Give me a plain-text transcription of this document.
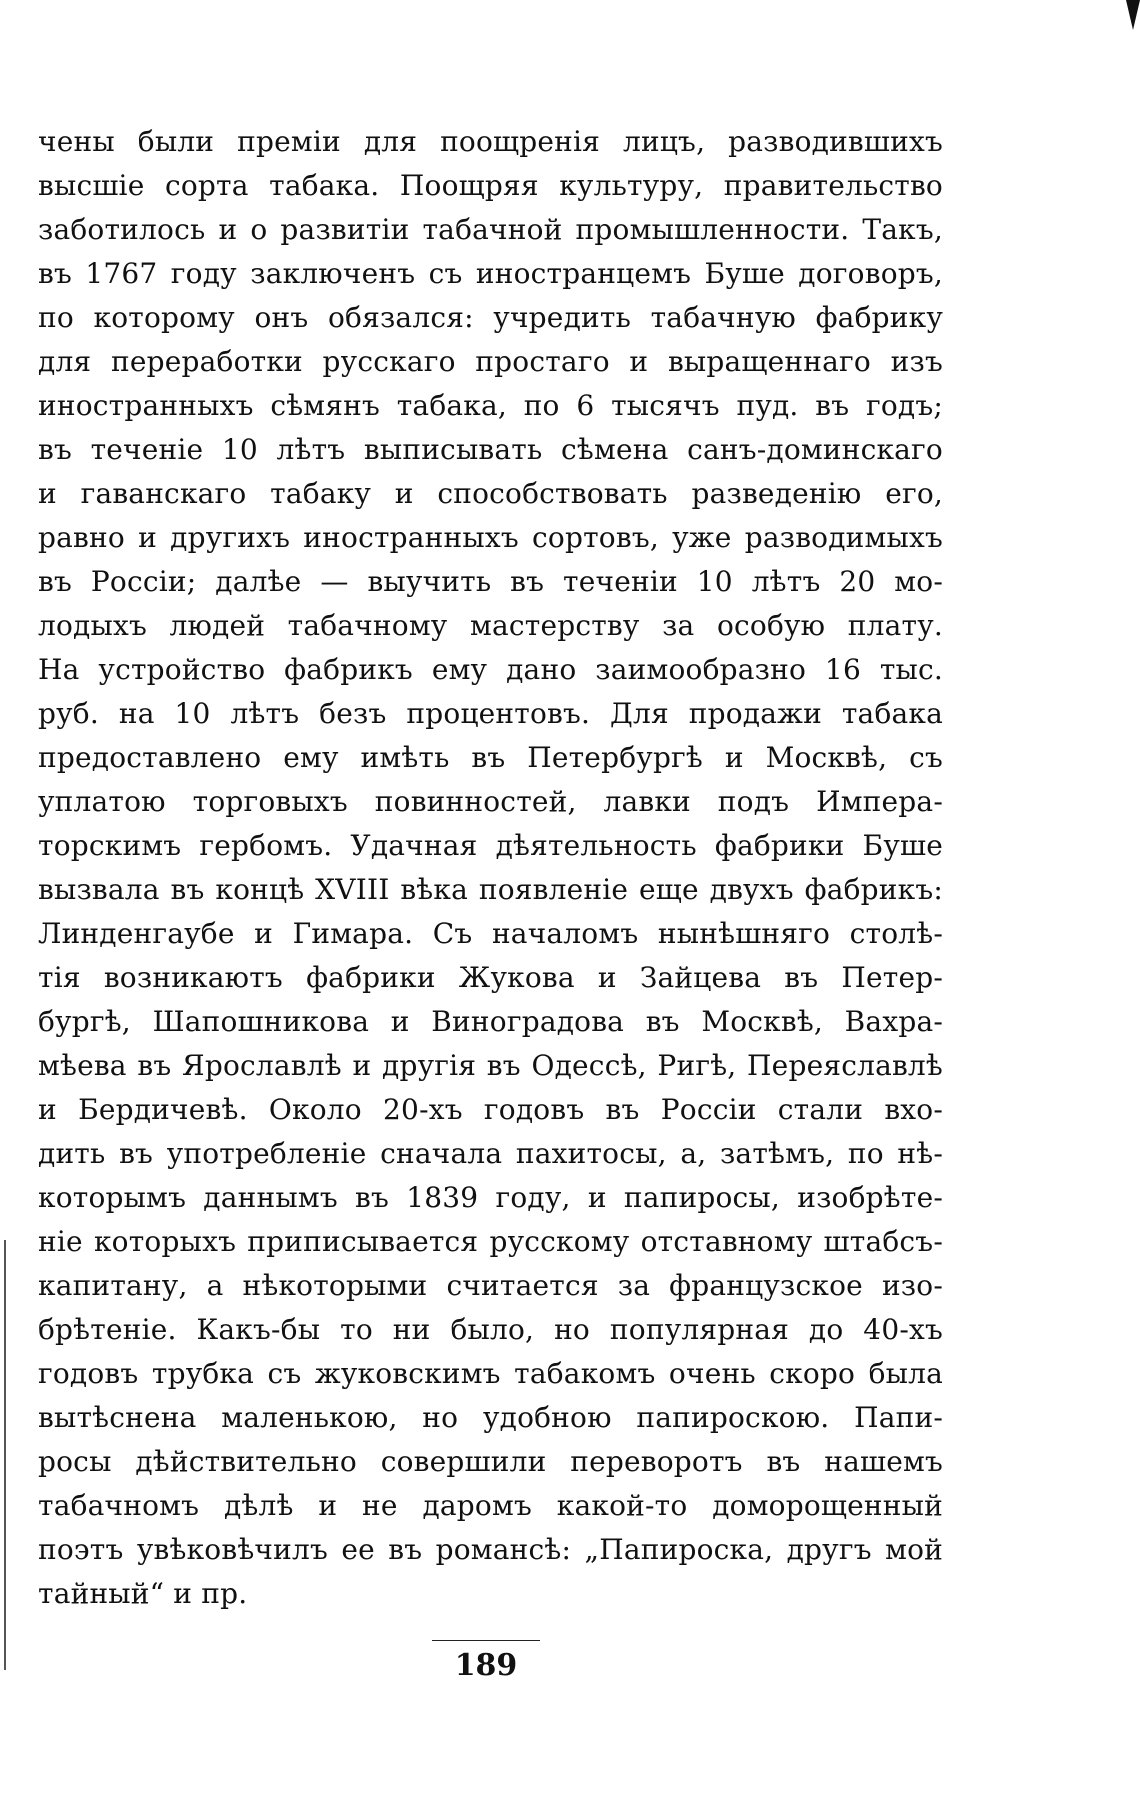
чены были преміи для поощренія лицъ, разводившихъ
высшіе сорта табака. Поощряя культуру, правительство
заботилось и о развитіи табачной промышленности. Такъ,
въ 1767 году заключенъ съ иностранцемъ Буше договоръ,
по которому онъ обязался: учредить табачную фабрику
для переработки русскаго простаго и выращеннаго изъ
иностранныхъ сѣмянъ табака, по 6 тысячъ пуд. въ годъ;
въ теченіе 10 лѣтъ выписывать сѣмена санъ-доминскаго
и гаванскаго табаку и способствовать разведенію его,
равно и другихъ иностранныхъ сортовъ, уже разводимыхъ
въ Россіи; далѣе — выучить въ теченіи 10 лѣтъ 20 мо-
лодыхъ людей табачному мастерству за особую плату.
На устройство фабрикъ ему дано заимообразно 16 тыс.
руб. на 10 лѣтъ безъ процентовъ. Для продажи табака
предоставлено ему имѣть въ Петербургѣ и Москвѣ, съ
уплатою торговыхъ повинностей, лавки подъ Импера-
торскимъ гербомъ. Удачная дѣятельность фабрики Буше
вызвала въ концѣ XVIII вѣка появленіе еще двухъ фабрикъ:
Линденгаубе и Гимара. Съ началомъ нынѣшняго столѣ-
тія возникаютъ фабрики Жукова и Зайцева въ Петер-
бургѣ, Шапошникова и Виноградова въ Москвѣ, Вахра-
мѣева въ Ярославлѣ и другія въ Одессѣ, Ригѣ, Переяславлѣ
и Бердичевѣ. Около 20-хъ годовъ въ Россіи стали вхо-
дить въ употребленіе сначала пахитосы, а, затѣмъ, по нѣ-
которымъ даннымъ въ 1839 году, и папиросы, изобрѣте-
ніе которыхъ приписывается русскому отставному штабсъ-
капитану, а нѣкоторыми считается за французское изо-
брѣтеніе. Какъ-бы то ни было, но популярная до 40-хъ
годовъ трубка съ жуковскимъ табакомъ очень скоро была
вытѣснена маленькою, но удобною папироскою. Папи-
росы дѣйствительно совершили переворотъ въ нашемъ
табачномъ дѣлѣ и не даромъ какой-то доморощенный
поэтъ увѣковѣчилъ ее въ романсѣ: „Папироска, другъ мой
тайный“ и пр.
189
